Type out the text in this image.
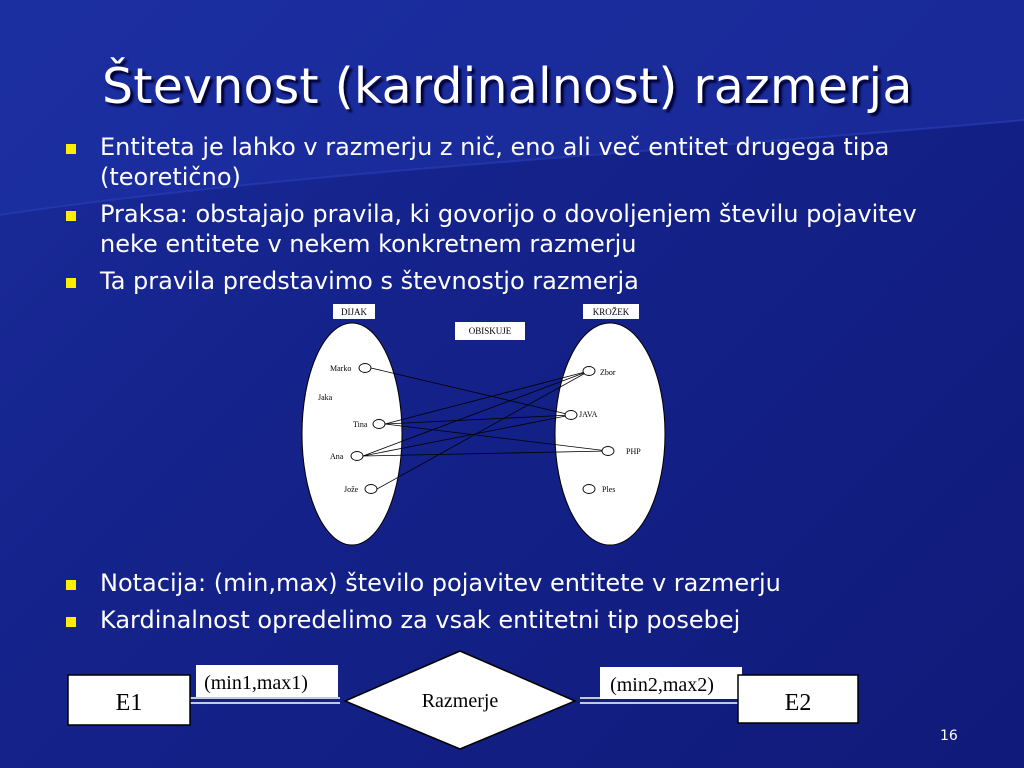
Števnost (kardinalnost) razmerja
Entiteta je lahko v razmerju z nič, eno ali več entitet drugega tipa (teoretično)
Praksa: obstajajo pravila, ki govorijo o dovoljenjem številu pojavitev neke entitete v nekem konkretnem razmerju
Ta pravila predstavimo s števnostjo razmerja
DIJAK
OBISKUJE
KROŽEK
Marko
Jaka
Tina
Ana
Jože
Zbor
JAVA
PHP
Ples
Notacija: (min,max) število pojavitev entitete v razmerju
Kardinalnost opredelimo za vsak entitetni tip posebej
E1
(min1,max1)
Razmerje
(min2,max2)
E2
16
